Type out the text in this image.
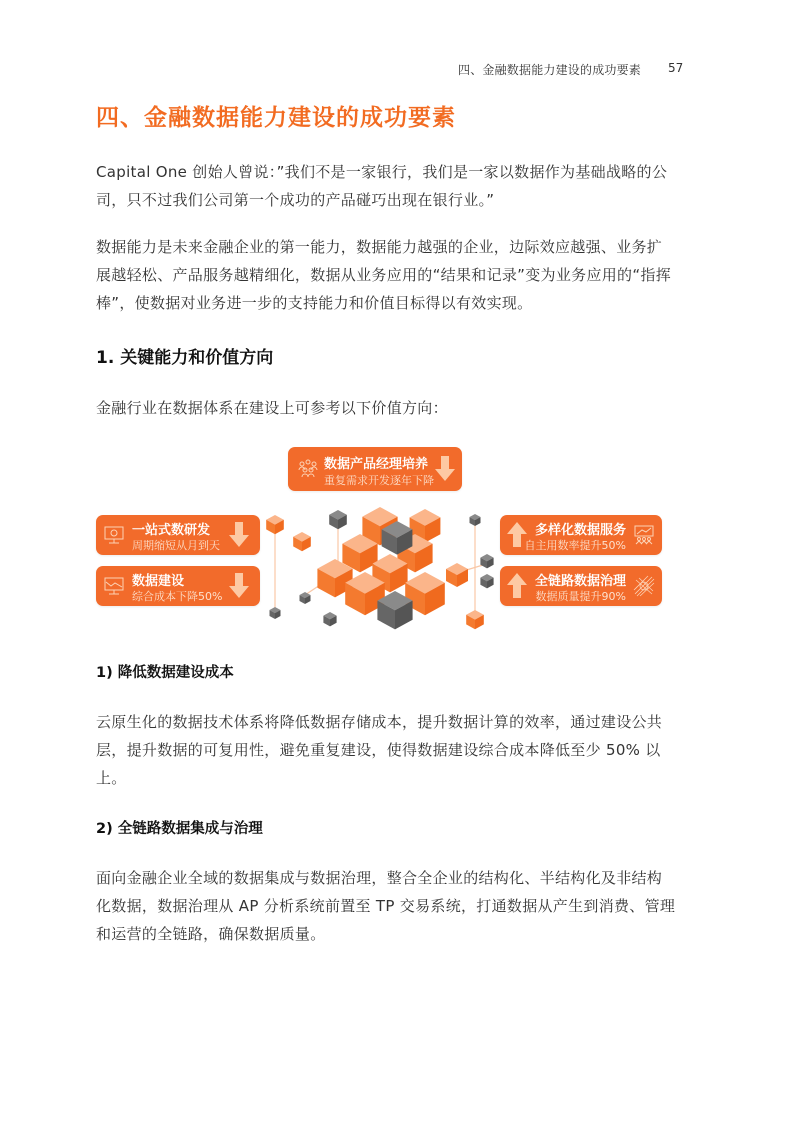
四、金融数据能力建设的成功要素 57
四、金融数据能力建设的成功要素
Capital One 创始人曾说：”我们不是一家银行，我们是一家以数据作为基础战略的公司，只不过我们公司第一个成功的产品碰巧出现在银行业。”
数据能力是未来金融企业的第一能力，数据能力越强的企业，边际效应越强、业务扩展越轻松、产品服务越精细化，数据从业务应用的“结果和记录”变为业务应用的“指挥棒”，使数据对业务进一步的支持能力和价值目标得以有效实现。
1. 关键能力和价值方向
金融行业在数据体系在建设上可参考以下价值方向：
数据产品经理培养
重复需求开发逐年下降
一站式数研发
周期缩短从月到天
数据建设
综合成本下降50%
多样化数据服务
自主用数率提升50%
全链路数据治理
数据质量提升90%
1) 降低数据建设成本
云原生化的数据技术体系将降低数据存储成本，提升数据计算的效率，通过建设公共层，提升数据的可复用性，避免重复建设，使得数据建设综合成本降低至少 50% 以上。
2) 全链路数据集成与治理
面向金融企业全域的数据集成与数据治理，整合全企业的结构化、半结构化及非结构化数据，数据治理从 AP 分析系统前置至 TP 交易系统，打通数据从产生到消费、管理和运营的全链路，确保数据质量。
